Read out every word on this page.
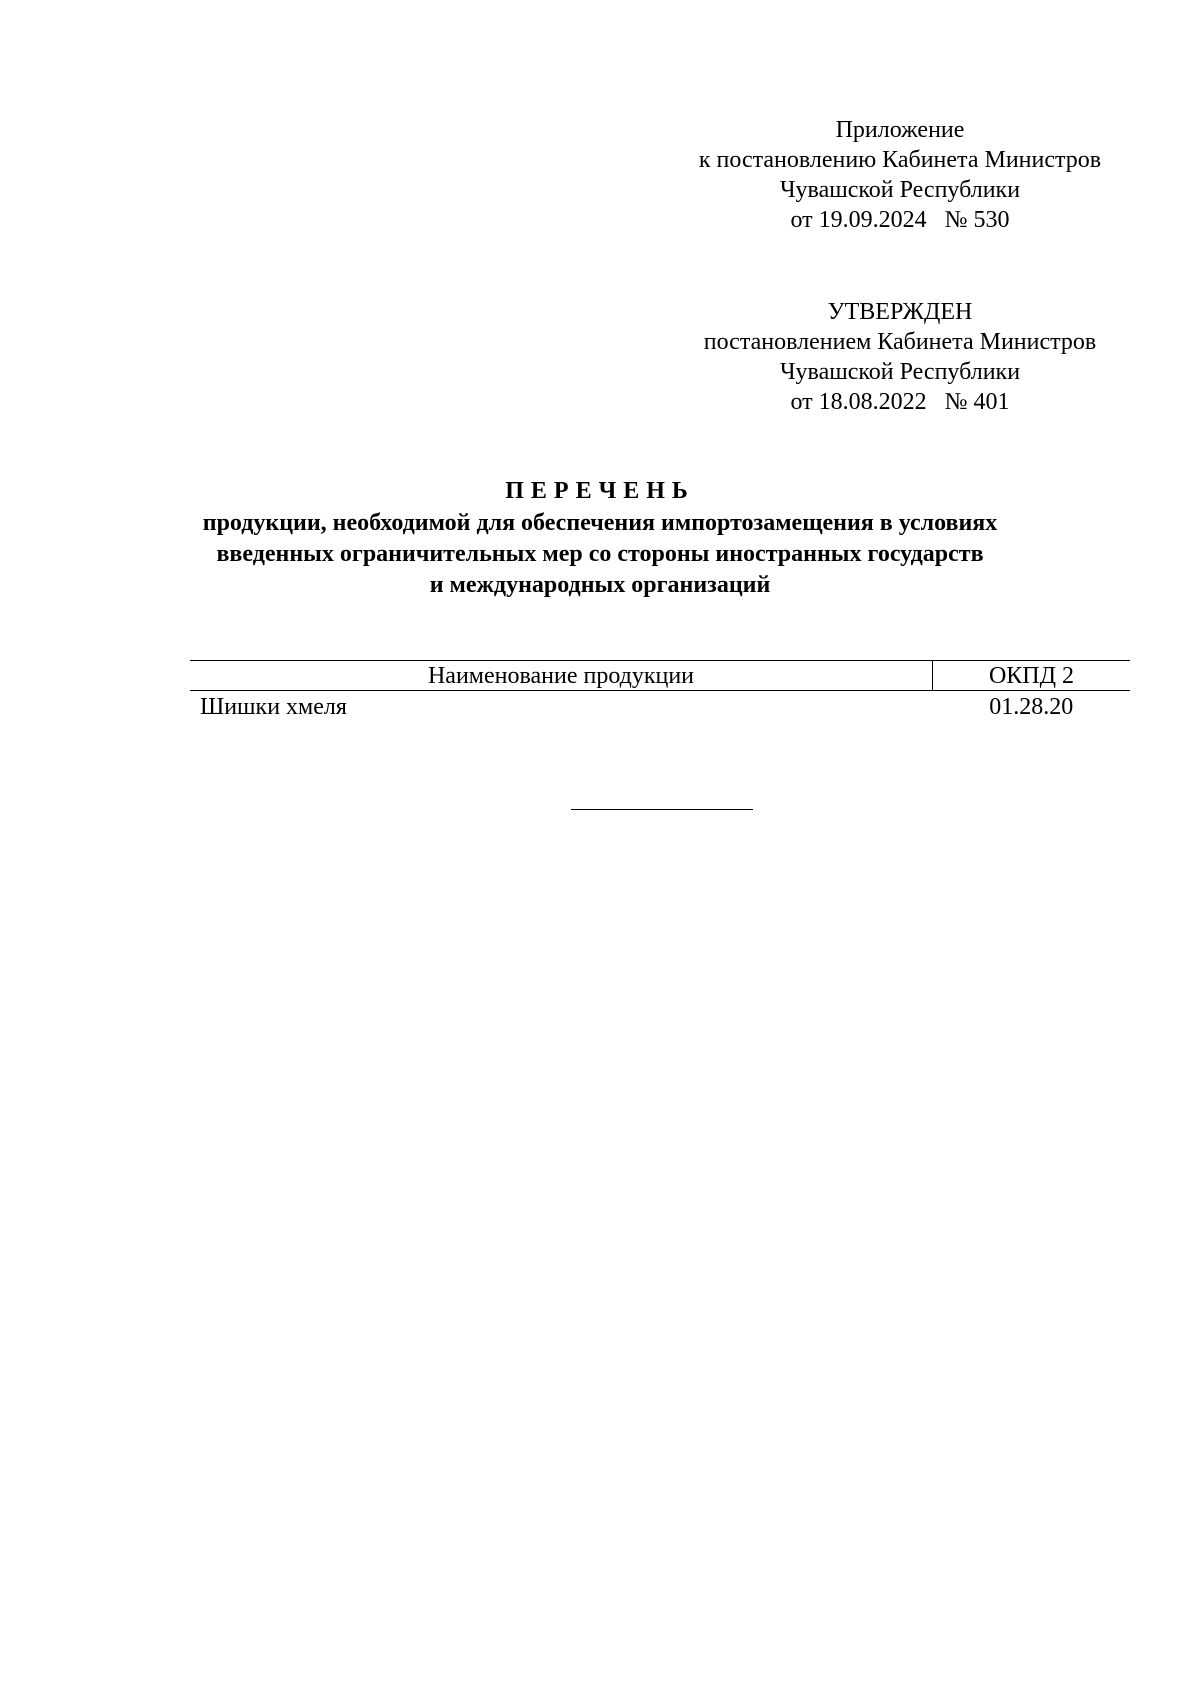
Приложение
к постановлению Кабинета Министров
Чувашской Республики
от 19.09.2024   № 530
УТВЕРЖДЕН
постановлением Кабинета Министров
Чувашской Республики
от 18.08.2022   № 401
ПЕРЕЧЕНЬ
продукции, необходимой для обеспечения импортозамещения в условиях
введенных ограничительных мер со стороны иностранных государств
и международных организаций
Наименование продукции	ОКПД 2
Шишки хмеля	01.28.20
